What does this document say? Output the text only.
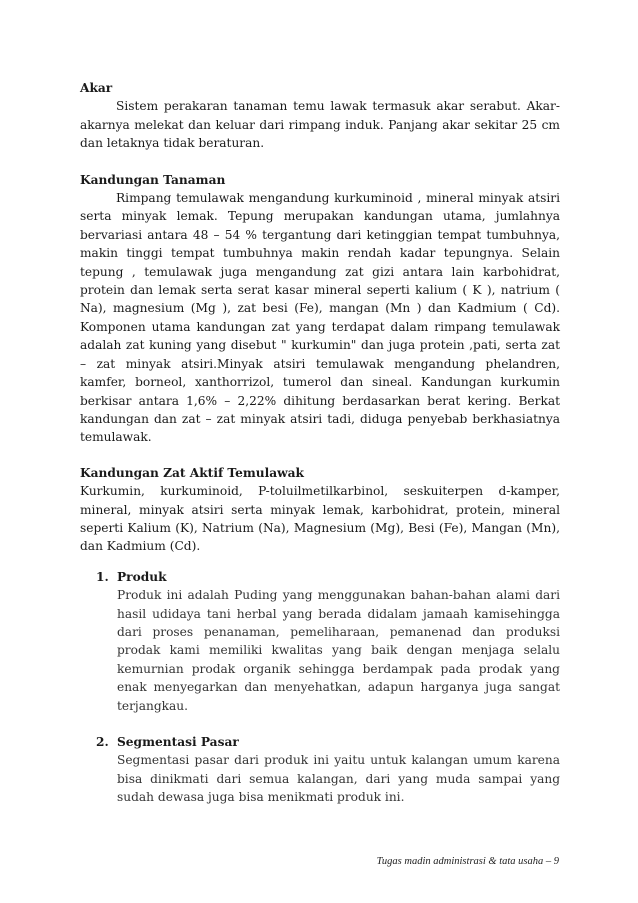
Akar

Sistem perakaran tanaman temu lawak termasuk akar serabut. Akar-akarnya melekat dan keluar dari rimpang induk. Panjang akar sekitar 25 cm dan letaknya tidak beraturan.

Kandungan Tanaman

Rimpang temulawak mengandung kurkuminoid , mineral minyak atsiri serta minyak lemak. Tepung merupakan kandungan utama, jumlahnya bervariasi antara 48 – 54 % tergantung dari ketinggian tempat tumbuhnya, makin tinggi tempat tumbuhnya makin rendah kadar tepungnya. Selain tepung , temulawak juga mengandung zat gizi antara lain karbohidrat, protein dan lemak serta serat kasar mineral seperti kalium ( K ), natrium ( Na), magnesium (Mg ), zat besi (Fe), mangan (Mn ) dan Kadmium ( Cd). Komponen utama kandungan zat yang terdapat dalam rimpang temulawak adalah zat kuning yang disebut " kurkumin" dan juga protein ,pati, serta zat – zat minyak atsiri.Minyak atsiri temulawak mengandung phelandren, kamfer, borneol, xanthorrizol, tumerol dan sineal. Kandungan kurkumin berkisar antara 1,6% – 2,22% dihitung berdasarkan berat kering. Berkat kandungan dan zat – zat minyak atsiri tadi, diduga penyebab berkhasiatnya temulawak.

Kandungan Zat Aktif Temulawak

Kurkumin, kurkuminoid, P-toluilmetilkarbinol, seskuiterpen d-kamper, mineral, minyak atsiri serta minyak lemak, karbohidrat, protein, mineral seperti Kalium (K), Natrium (Na), Magnesium (Mg), Besi (Fe), Mangan (Mn), dan Kadmium (Cd).

1. Produk

Produk ini adalah Puding yang menggunakan bahan-bahan alami dari hasil udidaya tani herbal yang berada didalam jamaah kamisehingga dari proses penanaman, pemeliharaan, pemanenad dan produksi prodak kami memiliki kwalitas yang baik dengan menjaga selalu kemurnian prodak organik sehingga berdampak pada prodak yang enak menyegarkan dan menyehatkan, adapun harganya juga sangat terjangkau.

2. Segmentasi Pasar

Segmentasi pasar dari produk ini yaitu untuk kalangan umum karena bisa dinikmati dari semua kalangan, dari yang muda sampai yang sudah dewasa juga bisa menikmati produk ini.

Tugas madin administrasi & tata usaha – 9
